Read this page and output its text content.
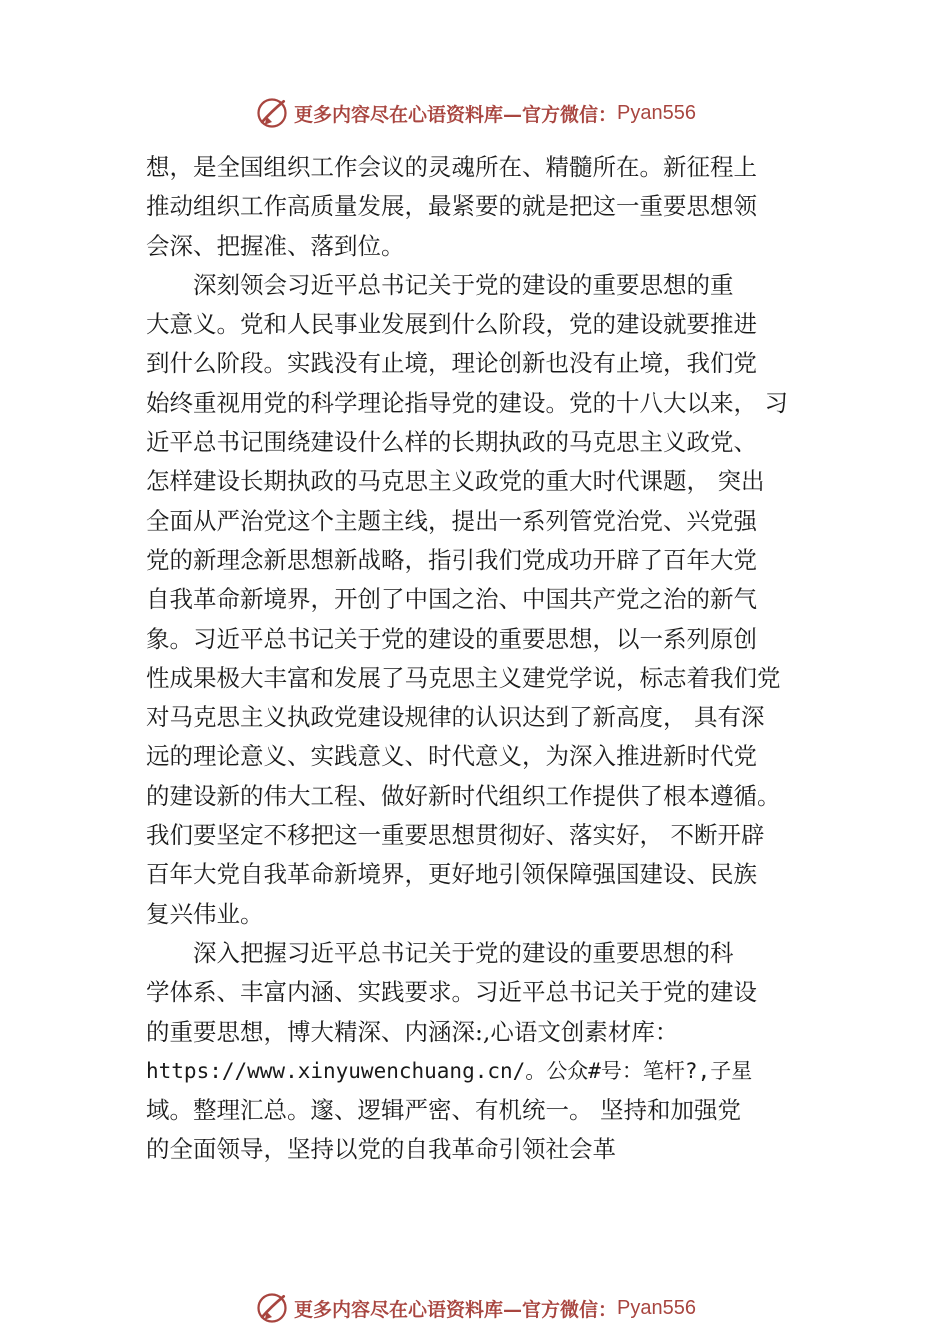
更多内容尽在心语资料库 —官方微信： Pyan556
想，是全国组织工作会议的灵魂所在、精髓所在。新征程上
推动组织工作高质量发展，最紧要的就是把这一重要思想领
会深、把握准、落到位。
　　深刻领会习近平总书记关于党的建设的重要思想的重
大意义。党和人民事业发展到什么阶段，党的建设就要推进
到什么阶段。实践没有止境，理论创新也没有止境，我们党
始终重视用党的科学理论指导党的建设。党的十八大以来， 习
近平总书记围绕建设什么样的长期执政的马克思主义政党、
怎样建设长期执政的马克思主义政党的重大时代课题， 突出
全面从严治党这个主题主线，提出一系列管党治党、兴党强
党的新理念新思想新战略，指引我们党成功开辟了百年大党
自我革命新境界，开创了中国之治、中国共产党之治的新气
象。习近平总书记关于党的建设的重要思想，以一系列原创
性成果极大丰富和发展了马克思主义建党学说，标志着我们党
对马克思主义执政党建设规律的认识达到了新高度， 具有深
远的理论意义、实践意义、时代意义，为深入推进新时代党
的建设新的伟大工程、做好新时代组织工作提供了根本遵循。
我们要坚定不移把这一重要思想贯彻好、落实好， 不断开辟
百年大党自我革命新境界，更好地引领保障强国建设、民族
复兴伟业。
　　深入把握习近平总书记关于党的建设的重要思想的科
学体系、丰富内涵、实践要求。习近平总书记关于党的建设
的重要思想，博大精深、内涵深:,心语文创素材库：
https://www.xinyuwenchuang.cn/。公众#号：笔杆?,子星
域。整理汇总。邃、逻辑严密、有机统一。 坚持和加强党
的全面领导，坚持以党的自我革命引领社会革
更多内容尽在心语资料库 —官方微信： Pyan556
